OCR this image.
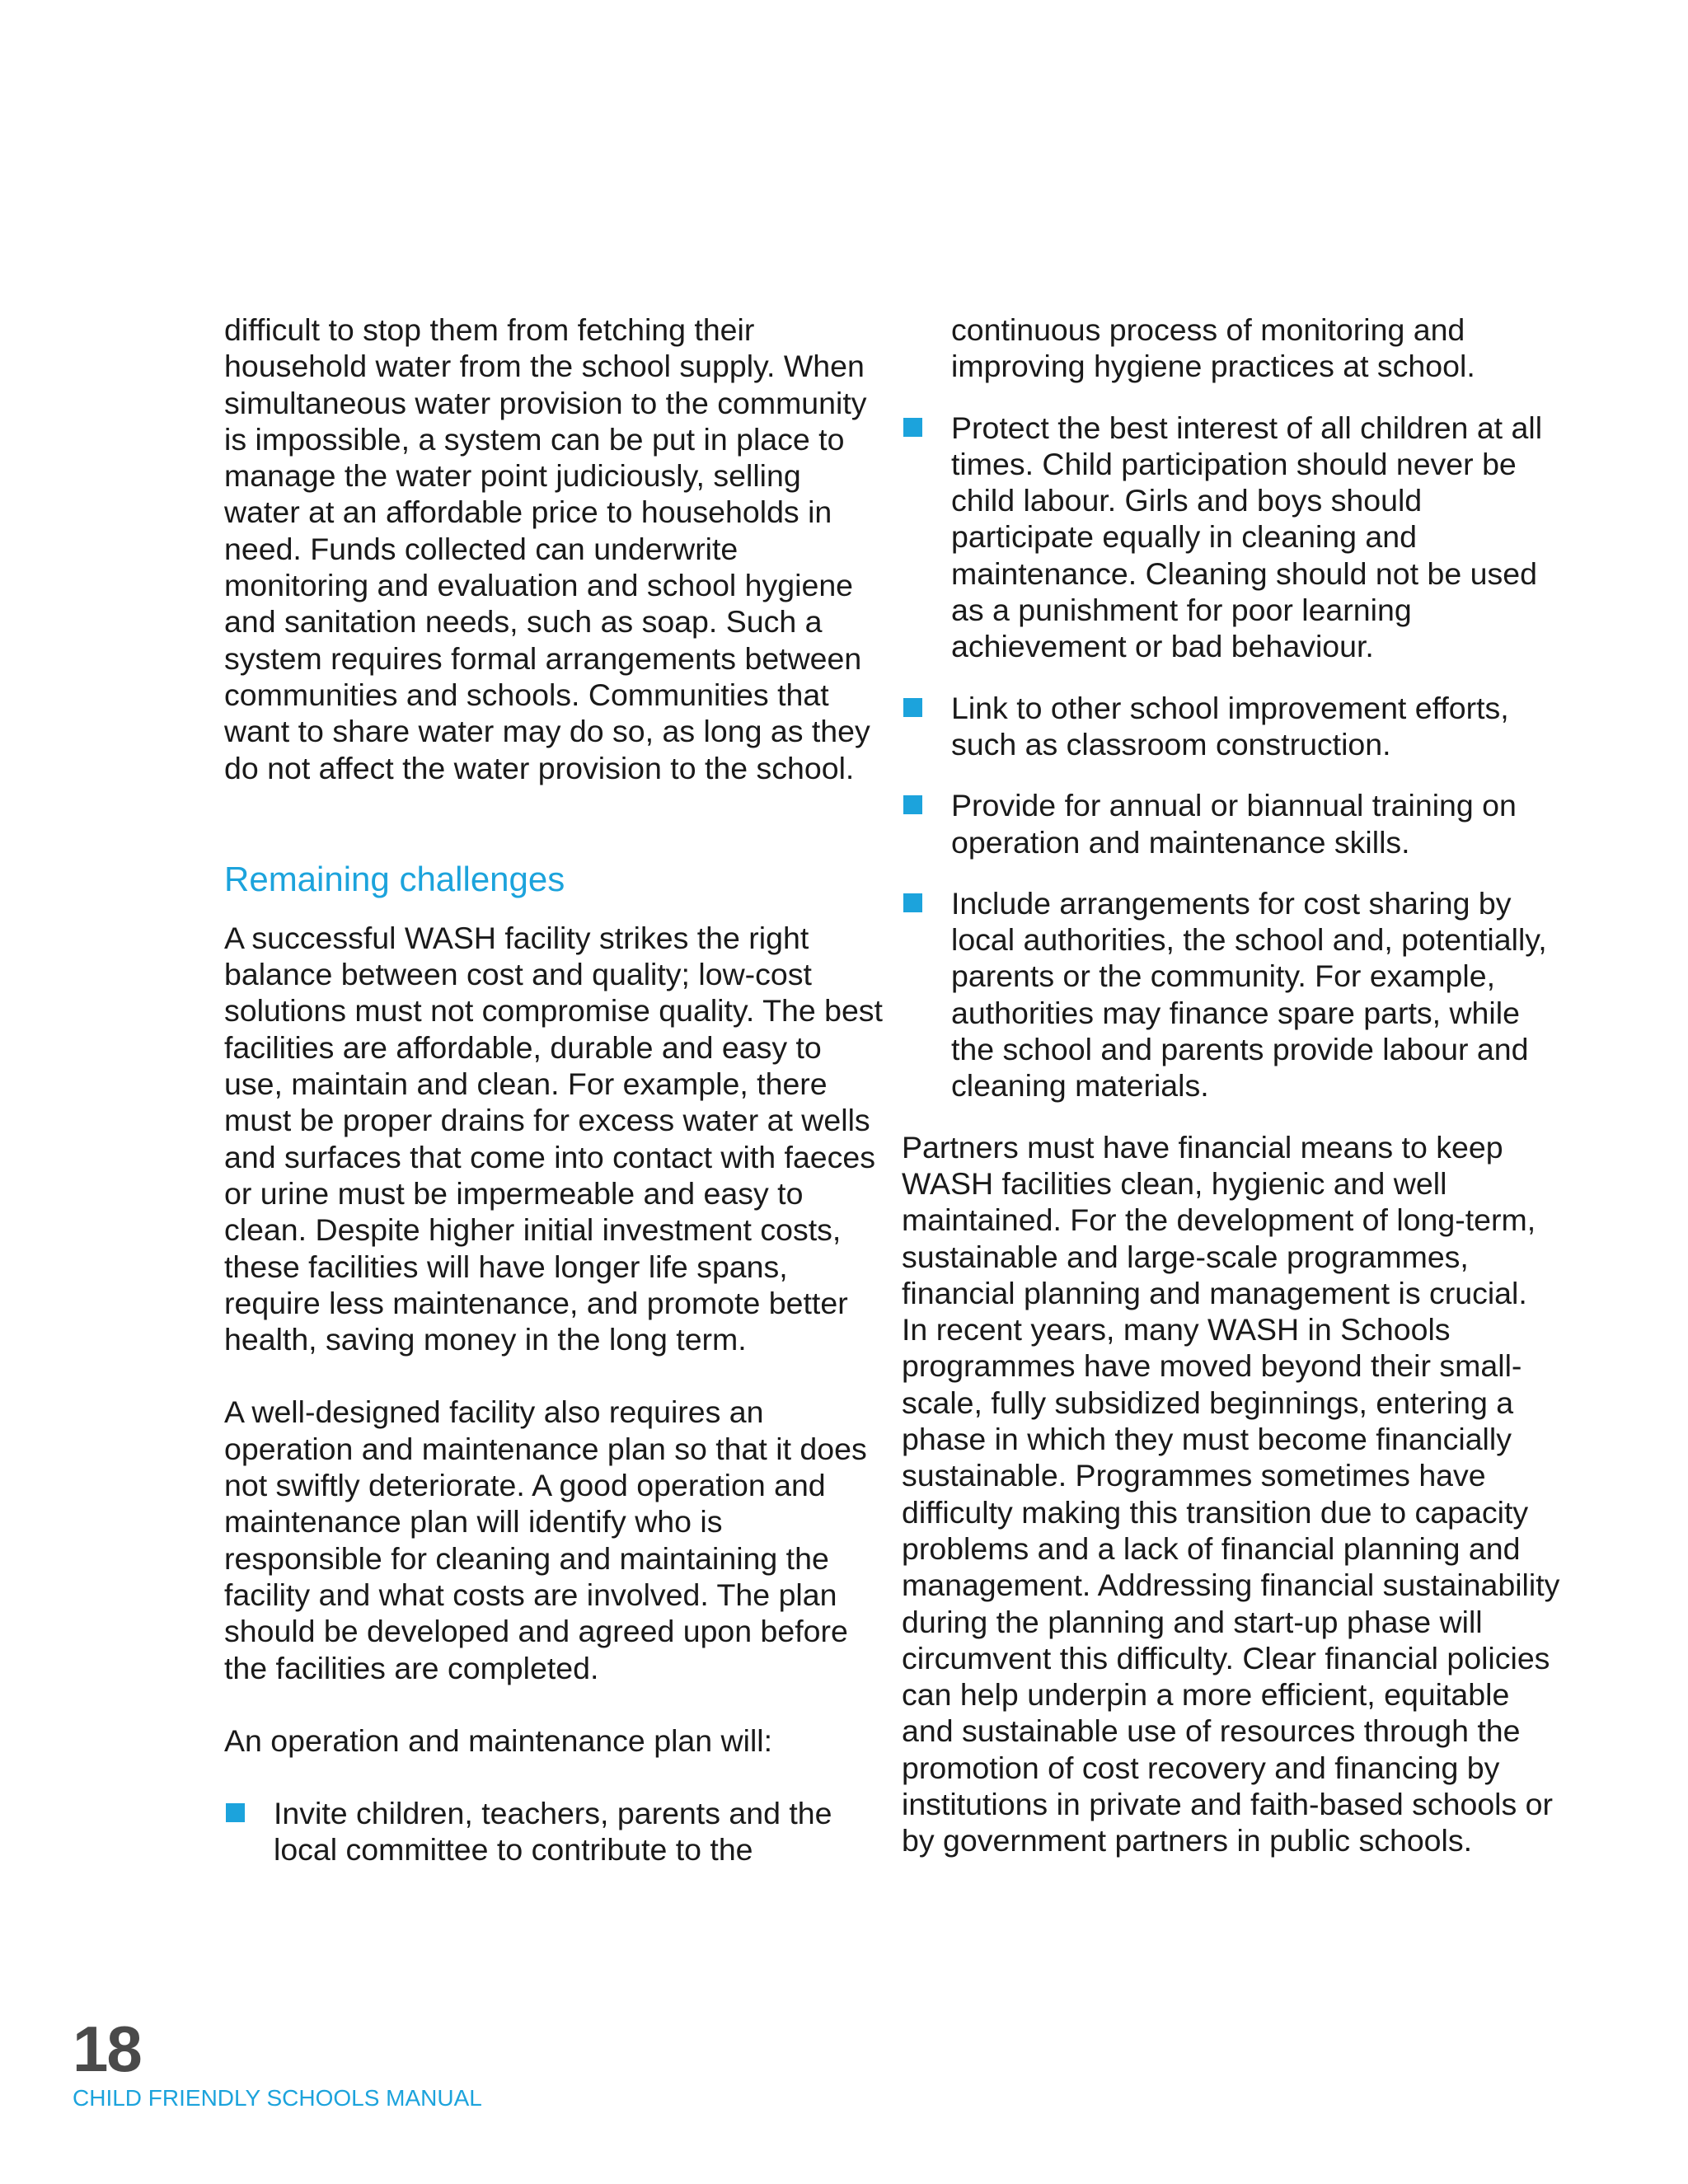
difficult to stop them from fetching their household water from the school supply. When simultaneous water provision to the community is impossible, a system can be put in place to manage the water point judiciously, selling water at an affordable price to households in need. Funds collected can underwrite monitoring and evaluation and school hygiene and sanitation needs, such as soap. Such a system requires formal arrangements between communities and schools. Communities that want to share water may do so, as long as they do not affect the water provision to the school.

Remaining challenges

A successful WASH facility strikes the right balance between cost and quality; low-cost solutions must not compromise quality. The best facilities are affordable, durable and easy to use, maintain and clean. For example, there must be proper drains for excess water at wells and surfaces that come into contact with faeces or urine must be impermeable and easy to clean. Despite higher initial investment costs, these facilities will have longer life spans, require less maintenance, and promote better health, saving money in the long term.

A well-designed facility also requires an operation and maintenance plan so that it does not swiftly deteriorate. A good operation and maintenance plan will identify who is responsible for cleaning and maintaining the facility and what costs are involved. The plan should be developed and agreed upon before the facilities are completed.

An operation and maintenance plan will:

Invite children, teachers, parents and the local committee to contribute to the
continuous process of monitoring and improving hygiene practices at school.
Protect the best interest of all children at all times. Child participation should never be child labour. Girls and boys should participate equally in cleaning and maintenance. Cleaning should not be used as a punishment for poor learning achievement or bad behaviour.
Link to other school improvement efforts, such as classroom construction.
Provide for annual or biannual training on operation and maintenance skills.
Include arrangements for cost sharing by local authorities, the school and, potentially, parents or the community. For example, authorities may finance spare parts, while the school and parents provide labour and cleaning materials.

Partners must have financial means to keep WASH facilities clean, hygienic and well maintained. For the development of long-term, sustainable and large-scale programmes, financial planning and management is crucial. In recent years, many WASH in Schools programmes have moved beyond their small-scale, fully subsidized beginnings, entering a phase in which they must become financially sustainable. Programmes sometimes have difficulty making this transition due to capacity problems and a lack of financial planning and management. Addressing financial sustainability during the planning and start-up phase will circumvent this difficulty. Clear financial policies can help underpin a more efficient, equitable and sustainable use of resources through the promotion of cost recovery and financing by institutions in private and faith-based schools or by government partners in public schools.

18
CHILD FRIENDLY SCHOOLS MANUAL
